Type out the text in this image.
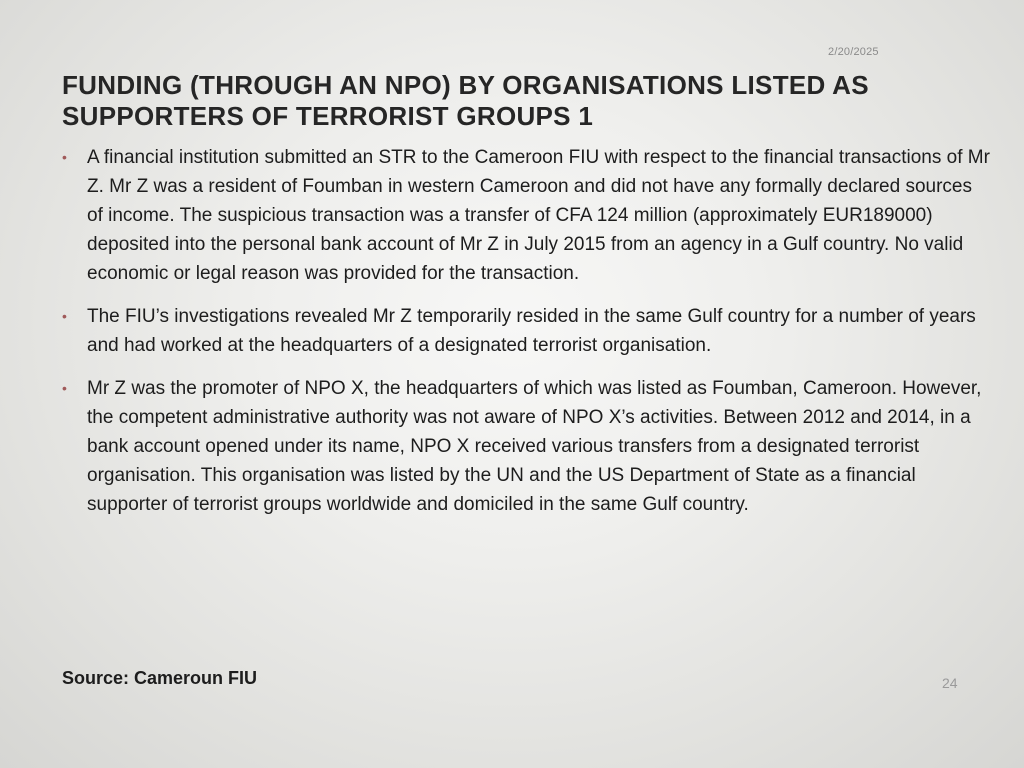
2/20/2025
FUNDING (THROUGH AN NPO) BY ORGANISATIONS LISTED AS SUPPORTERS OF TERRORIST GROUPS 1
• A financial institution submitted an STR to the Cameroon FIU with respect to the financial transactions of Mr Z. Mr Z was a resident of Foumban in western Cameroon and did not have any formally declared sources of income. The suspicious transaction was a transfer of CFA 124 million (approximately EUR189000) deposited into the personal bank account of Mr Z in July 2015 from an agency in a Gulf country. No valid economic or legal reason was provided for the transaction.
• The FIU’s investigations revealed Mr Z temporarily resided in the same Gulf country for a number of years and had worked at the headquarters of a designated terrorist organisation.
• Mr Z was the promoter of NPO X, the headquarters of which was listed as Foumban, Cameroon. However, the competent administrative authority was not aware of NPO X’s activities. Between 2012 and 2014, in a bank account opened under its name, NPO X received various transfers from a designated terrorist organisation. This organisation was listed by the UN and the US Department of State as a financial supporter of terrorist groups worldwide and domiciled in the same Gulf country.
Source: Cameroun FIU	24
